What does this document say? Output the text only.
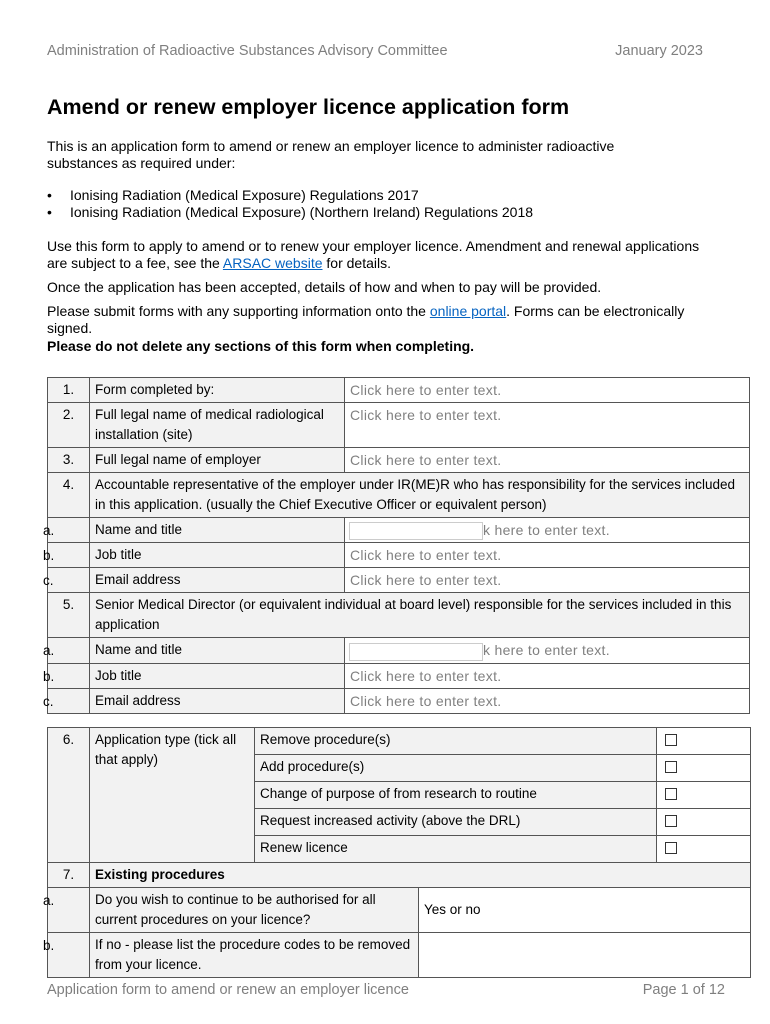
Administration of Radioactive Substances Advisory Committee	January 2023
Amend or renew employer licence application form
This is an application form to amend or renew an employer licence to administer radioactive substances as required under:
• Ionising Radiation (Medical Exposure) Regulations 2017
• Ionising Radiation (Medical Exposure) (Northern Ireland) Regulations 2018
Use this form to apply to amend or to renew your employer licence. Amendment and renewal applications are subject to a fee, see the ARSAC website for details.
Once the application has been accepted, details of how and when to pay will be provided.
Please submit forms with any supporting information onto the online portal. Forms can be electronically signed.
Please do not delete any sections of this form when completing.
1.	Form completed by:	Click here to enter text.
2.	Full legal name of medical radiological installation (site)	Click here to enter text.
3.	Full legal name of employer	Click here to enter text.
4.	Accountable representative of the employer under IR(ME)R who has responsibility for the services included in this application. (usually the Chief Executive Officer or equivalent person)	

a.	Name and title	k here to enter text.

b.	Job title	Click here to enter text.

c.	Email address	Click here to enter text.
5.	Senior Medical Director (or equivalent individual at board level) responsible for the services included in this application	

a.	Name and title	k here to enter text.

b.	Job title	Click here to enter text.

c.	Email address	Click here to enter text.
6.	Application type (tick all that apply)	Remove procedure(s)		
		Add procedure(s)		
		Change of purpose of from research to routine		
		Request increased activity (above the DRL)		
		Renew licence		
7.	Existing procedures			

a.	Do you wish to continue to be authorised for all current procedures on your licence?		Yes or no	

b.	If no - please list the procedure codes to be removed from your licence.			
Application form to amend or renew an employer licence	Page 1 of 12
